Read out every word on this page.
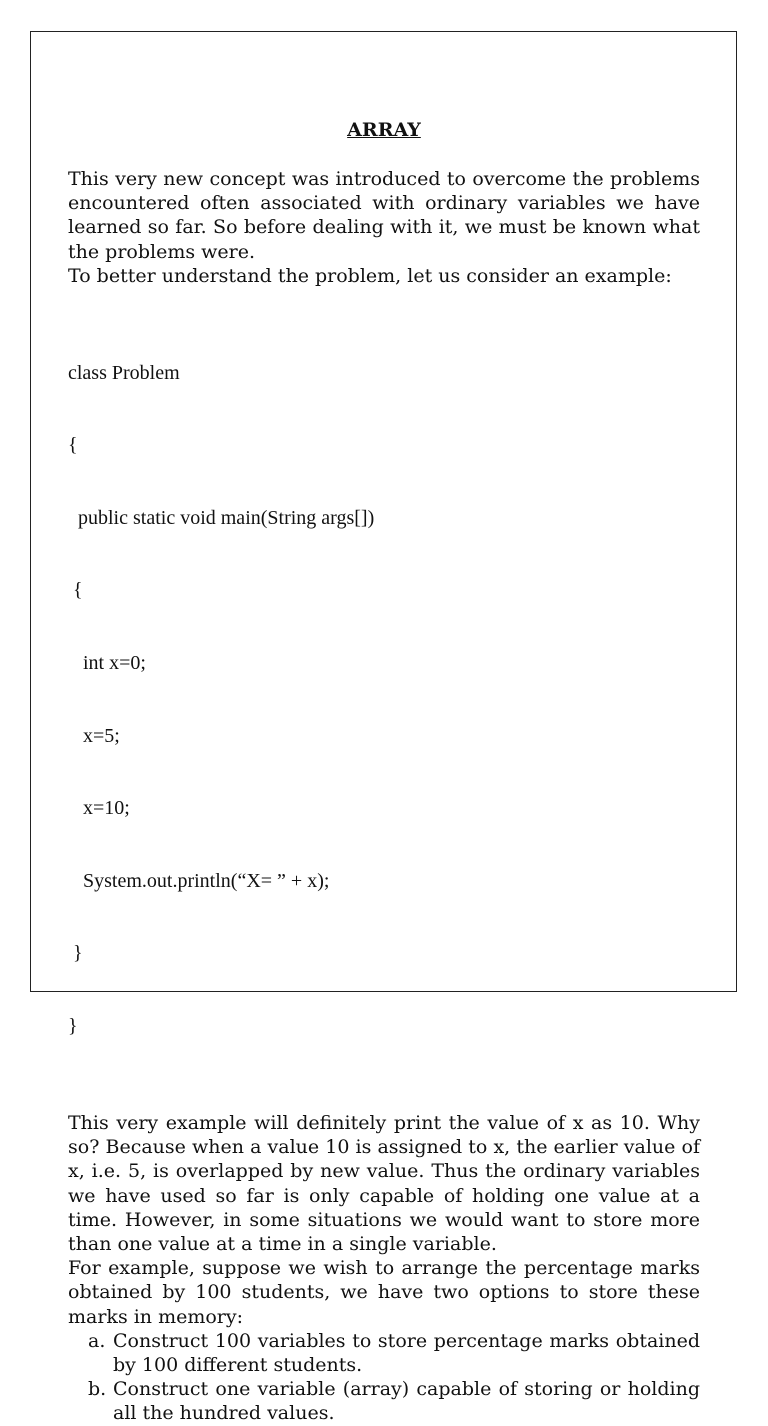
ARRAY

This very new concept was introduced to overcome the problems encountered often associated with ordinary variables we have learned so far. So before dealing with it, we must be known what the problems were.

To better understand the problem, let us consider an example:

class Problem

{

public static void main(String args[])

{

int x=0;

x=5;

x=10;

System.out.println(“X= ” + x);

}

}

This very example will definitely print the value of x as 10. Why so? Because when a value 10 is assigned to x, the earlier value of x, i.e. 5, is overlapped by new value. Thus the ordinary variables we have used so far is only capable of holding one value at a time. However, in some situations we would want to store more than one value at a time in a single variable.

For example, suppose we wish to arrange the percentage marks obtained by 100 students, we have two options to store these marks in memory:

a. Construct 100 variables to store percentage marks obtained by 100 different students.
b. Construct one variable (array) capable of storing or holding all the hundred values.
